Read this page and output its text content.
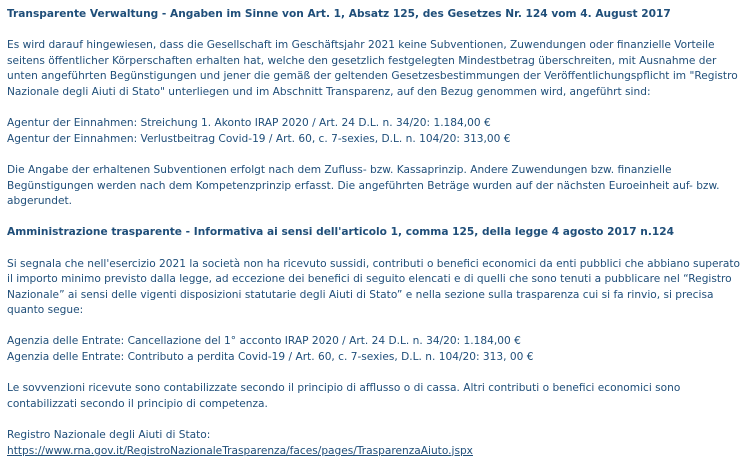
Transparente Verwaltung - Angaben im Sinne von Art. 1, Absatz 125, des Gesetzes Nr. 124 vom 4. August 2017

Es wird darauf hingewiesen, dass die Gesellschaft im Geschäftsjahr 2021 keine Subventionen, Zuwendungen oder finanzielle Vorteile seitens öffentlicher Körperschaften erhalten hat, welche den gesetzlich festgelegten Mindestbetrag überschreiten, mit Ausnahme der unten angeführten Begünstigungen und jener die gemäß der geltenden Gesetzesbestimmungen der Veröffentlichungspflicht im "Registro Nazionale degli Aiuti di Stato" unterliegen und im Abschnitt Transparenz, auf den Bezug genommen wird, angeführt sind:

Agentur der Einnahmen: Streichung 1. Akonto IRAP 2020 / Art. 24 D.L. n. 34/20: 1.184,00 €

Agentur der Einnahmen: Verlustbeitrag Covid-19 / Art. 60, c. 7-sexies, D.L. n. 104/20: 313,00 €

Die Angabe der erhaltenen Subventionen erfolgt nach dem Zufluss- bzw. Kassaprinzip. Andere Zuwendungen bzw. finanzielle Begünstigungen werden nach dem Kompetenzprinzip erfasst. Die angeführten Beträge wurden auf der nächsten Euroeinheit auf- bzw. abgerundet.

Amministrazione trasparente - Informativa ai sensi dell'articolo 1, comma 125, della legge 4 agosto 2017 n.124

Si segnala che nell'esercizio 2021 la società non ha ricevuto sussidi, contributi o benefici economici da enti pubblici che abbiano superato il importo minimo previsto dalla legge, ad eccezione dei benefici di seguito elencati e di quelli che sono tenuti a pubblicare nel “Registro Nazionale” ai sensi delle vigenti disposizioni statutarie degli Aiuti di Stato” e nella sezione sulla trasparenza cui si fa rinvio, si precisa quanto segue:

Agenzia delle Entrate: Cancellazione del 1° acconto IRAP 2020 / Art. 24 D.L. n. 34/20: 1.184,00 €

Agenzia delle Entrate: Contributo a perdita Covid-19 / Art. 60, c. 7-sexies, D.L. n. 104/20: 313, 00 €

Le sovvenzioni ricevute sono contabilizzate secondo il principio di afflusso o di cassa. Altri contributi o benefici economici sono contabilizzati secondo il principio di competenza.

Registro Nazionale degli Aiuti di Stato:

https://www.rna.gov.it/RegistroNazionaleTrasparenza/faces/pages/TrasparenzaAiuto.jspx
